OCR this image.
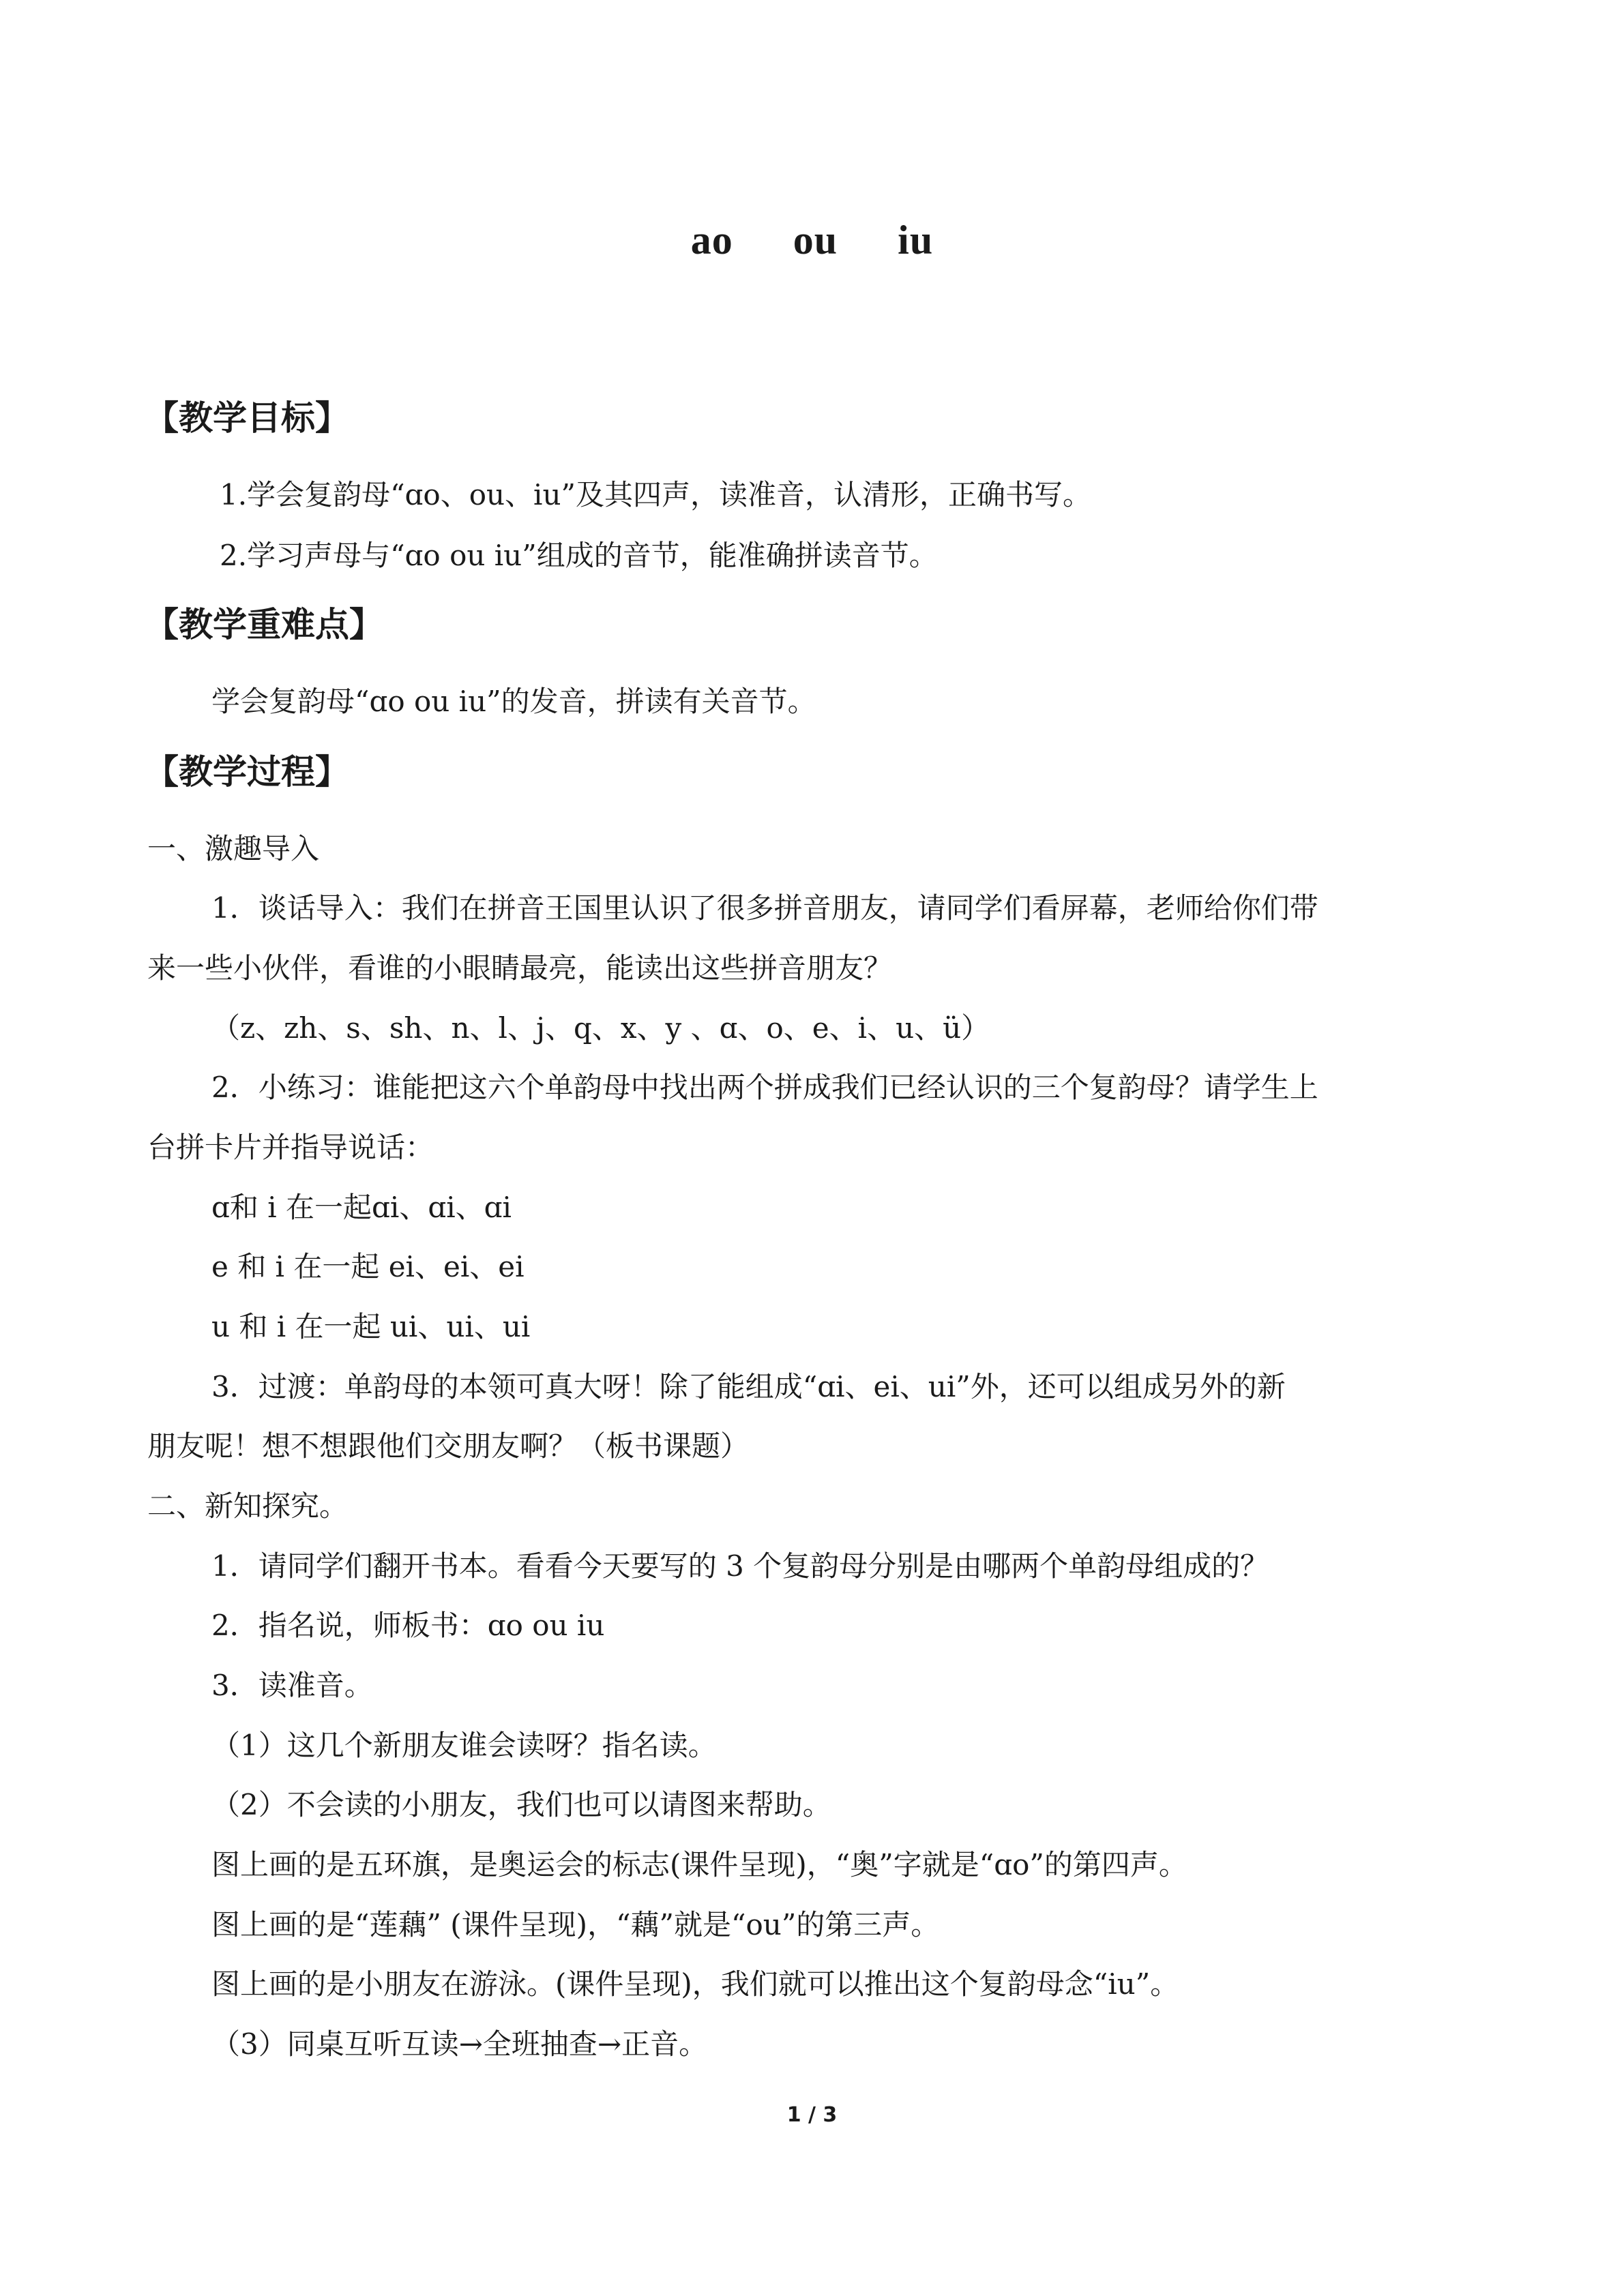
ao ou iu
【教学目标】
1.学会复韵母“ɑo、ou、iu”及其四声，读准音，认清形，正确书写。
2.学习声母与“ɑo ou iu”组成的音节，能准确拼读音节。
【教学重难点】
学会复韵母“ɑo ou iu”的发音，拼读有关音节。
【教学过程】
一、激趣导入
1．谈话导入：我们在拼音王国里认识了很多拼音朋友，请同学们看屏幕，老师给你们带
来一些小伙伴，看谁的小眼睛最亮，能读出这些拼音朋友？
（z、zh、s、sh、n、l、j、q、x、y 、ɑ、o、e、i、u、ü）
2．小练习：谁能把这六个单韵母中找出两个拼成我们已经认识的三个复韵母？请学生上
台拼卡片并指导说话：
ɑ和 i 在一起ɑi、ɑi、ɑi
e 和 i 在一起 ei、ei、ei
u 和 i 在一起 ui、ui、ui
3．过渡：单韵母的本领可真大呀！除了能组成“ɑi、ei、ui”外，还可以组成另外的新
朋友呢！想不想跟他们交朋友啊？（板书课题）
二、新知探究。
1．请同学们翻开书本。看看今天要写的 3 个复韵母分别是由哪两个单韵母组成的？
2．指名说，师板书：ɑo ou iu
3．读准音。
（1）这几个新朋友谁会读呀？指名读。
（2）不会读的小朋友，我们也可以请图来帮助。
图上画的是五环旗，是奥运会的标志(课件呈现)，“奥”字就是“ɑo”的第四声。
图上画的是“莲藕” (课件呈现)，“藕”就是“ou”的第三声。
图上画的是小朋友在游泳。(课件呈现)，我们就可以推出这个复韵母念“iu”。
（3）同桌互听互读→全班抽查→正音。
1 / 3
